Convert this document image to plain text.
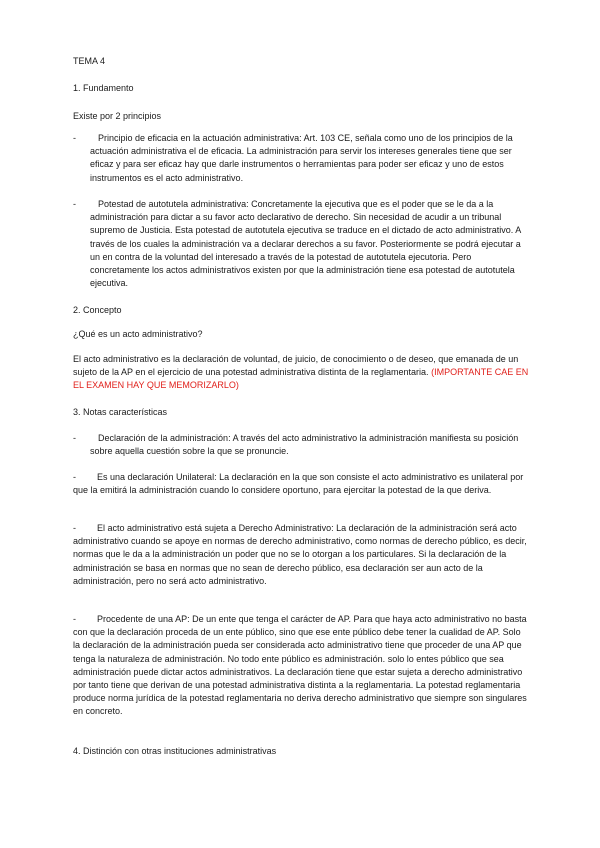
TEMA 4

1. Fundamento

Existe por 2 principios

-	Principio de eficacia en la actuación administrativa: Art. 103 CE, señala como uno de los principios de la actuación administrativa el de eficacia. La administración para servir los intereses generales tiene que ser eficaz y para ser eficaz hay que darle instrumentos o herramientas para poder ser eficaz y uno de estos instrumentos es el acto administrativo.
-	Potestad de autotutela administrativa: Concretamente la ejecutiva que es el poder que se le da a la administración para dictar a su favor acto declarativo de derecho. Sin necesidad de acudir a un tribunal supremo de Justicia. Esta potestad de autotutela ejecutiva se traduce en el dictado de acto administrativo. A través de los cuales la administración va a declarar derechos a su favor. Posteriormente se podrá ejecutar a un en contra de la voluntad del interesado a través de la potestad de autotutela ejecutoria. Pero concretamente los actos administrativos existen por que la administración tiene esa potestad de autotutela ejecutiva.

2. Concepto

¿Qué es un acto administrativo?

El acto administrativo es la declaración de voluntad, de juicio, de conocimiento o de deseo, que emanada de un sujeto de la AP en el ejercicio de una potestad administrativa distinta de la reglamentaria. (IMPORTANTE CAE EN EL EXAMEN HAY QUE MEMORIZARLO)

3. Notas características

-	Declaración de la administración: A través del acto administrativo la administración manifiesta su posición sobre aquella cuestión sobre la que se pronuncie.
-	Es una declaración Unilateral: La declaración en la que son consiste el acto administrativo es unilateral por que la emitirá la administración cuando lo considere oportuno, para ejercitar la potestad de la que deriva.
-	El acto administrativo está sujeta a Derecho Administrativo: La declaración de la administración será acto administrativo cuando se apoye en normas de derecho administrativo, como normas de derecho público, es decir, normas que le da a la administración un poder que no se lo otorgan a los particulares. Si la declaración de la administración se basa en normas que no sean de derecho público, esa declaración ser aun acto de la administración, pero no será acto administrativo.
-	Procedente de una AP: De un ente que tenga el carácter de AP. Para que haya acto administrativo no basta con que la declaración proceda de un ente público, sino que ese ente público debe tener la cualidad de AP. Solo la declaración de la administración pueda ser considerada acto administrativo tiene que proceder de una AP que tenga la naturaleza de administración. No todo ente público es administración. solo lo entes público que sea administración puede dictar actos administrativos. La declaración tiene que estar sujeta a derecho administrativo por tanto tiene que derivan de una potestad administrativa distinta a la reglamentaria. La potestad reglamentaria produce norma jurídica de la potestad reglamentaria no deriva derecho administrativo que siempre son singulares en concreto.

4. Distinción con otras instituciones administrativas
